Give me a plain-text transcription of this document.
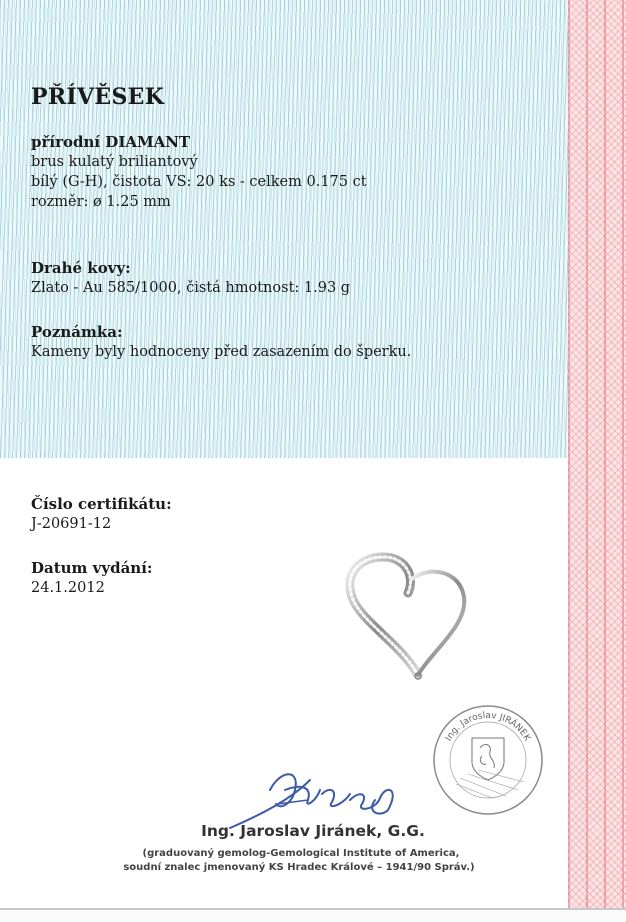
PŘÍVĚSEK
přírodní DIAMANT
brus kulatý briliantový
bílý (G-H), čistota VS: 20 ks - celkem 0.175 ct
rozměr: ø 1.25 mm
Drahé kovy:
Zlato - Au 585/1000, čistá hmotnost: 1.93 g
Poznámka:
Kameny byly hodnoceny před zasazením do šperku.
Číslo certifikátu:
J-20691-12
Datum vydání:
24.1.2012
Ing. Jaroslav JIRÁNEK
Ing. Jaroslav Jiránek, G.G.
(graduovaný gemolog-Gemological Institute of America,
soudní znalec jmenovaný KS Hradec Králové – 1941/90 Správ.)
